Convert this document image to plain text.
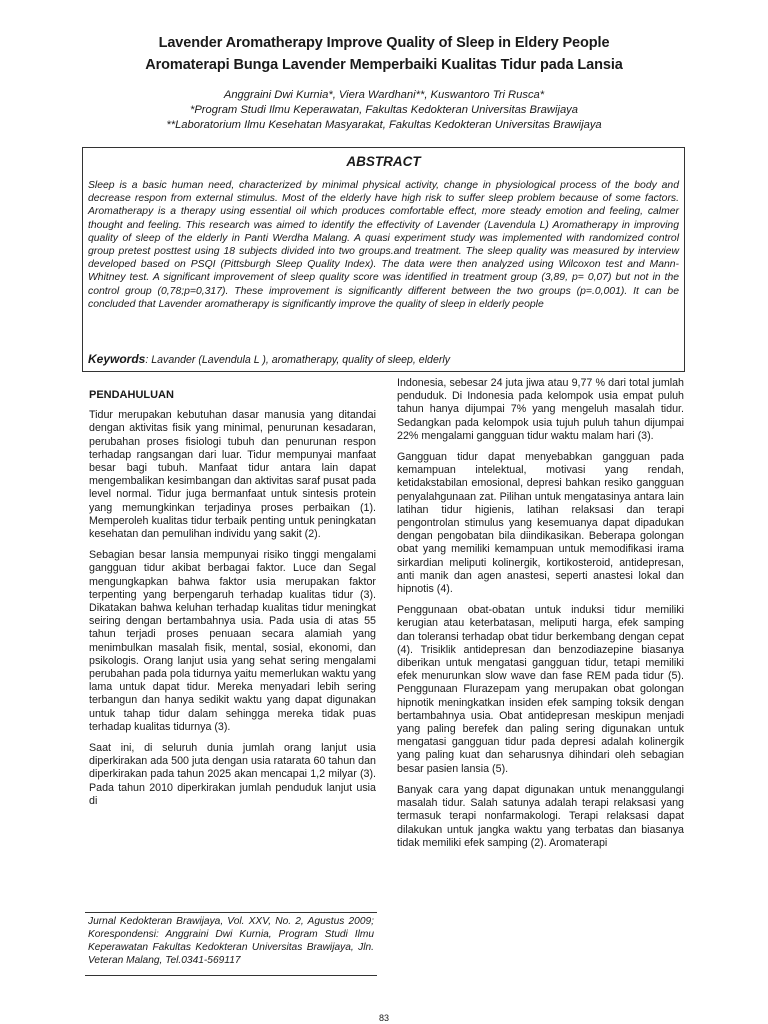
Lavender Aromatherapy Improve Quality of Sleep in Eldery People
Aromaterapi Bunga Lavender Memperbaiki Kualitas Tidur pada Lansia
Anggraini Dwi Kurnia*, Viera Wardhani**, Kuswantoro Tri Rusca*
*Program Studi Ilmu Keperawatan, Fakultas Kedokteran Universitas Brawijaya
**Laboratorium Ilmu Kesehatan Masyarakat, Fakultas Kedokteran Universitas Brawijaya
ABSTRACT

Sleep is a basic human need, characterized by minimal physical activity, change in physiological process of the body and decrease respon from external stimulus. Most of the elderly have high risk to suffer sleep problem because of some factors. Aromatherapy is a therapy using essential oil which produces comfortable effect, more steady emotion and feeling, calmer thought and feeling. This research was aimed to identify the effectivity of Lavender (Lavendula L) Aromatherapy in improving quality of sleep of the elderly in Panti Werdha Malang. A quasi experiment study was implemented with randomized control group pretest posttest using 18 subjects divided into two groups.and treatment. The sleep quality was measured by interview developed based on PSQI (Pittsburgh Sleep Quality Index). The data were then analyzed using Wilcoxon test and Mann-Whitney test. A significant improvement of sleep quality score was identified in treatment group (3,89, p= 0,07) but not in the control group (0,78;p=0,317). These improvement is significantly different between the two groups (p=.0,001). It can be concluded that Lavender aromatherapy is significantly improve the quality of sleep in elderly people

Keywords: Lavander (Lavendula L ), aromatherapy, quality of sleep, elderly
PENDAHULUAN

Tidur merupakan kebutuhan dasar manusia yang ditandai dengan aktivitas fisik yang minimal, penurunan kesadaran, perubahan proses fisiologi tubuh dan penurunan respon terhadap rangsangan dari luar. Tidur mempunyai manfaat besar bagi tubuh. Manfaat tidur antara lain dapat mengembalikan kesimbangan dan aktivitas saraf pusat pada level normal. Tidur juga bermanfaat untuk sintesis protein yang memungkinkan terjadinya proses perbaikan (1). Memperoleh kualitas tidur terbaik penting untuk peningkatan kesehatan dan pemulihan individu yang sakit (2).

Sebagian besar lansia mempunyai risiko tinggi mengalami gangguan tidur akibat berbagai faktor. Luce dan Segal mengungkapkan bahwa faktor usia merupakan faktor terpenting yang berpengaruh terhadap kualitas tidur (3). Dikatakan bahwa keluhan terhadap kualitas tidur meningkat seiring dengan bertambahnya usia. Pada usia di atas 55 tahun terjadi proses penuaan secara alamiah yang menimbulkan masalah fisik, mental, sosial, ekonomi, dan psikologis. Orang lanjut usia yang sehat sering mengalami perubahan pada pola tidurnya yaitu memerlukan waktu yang lama untuk dapat tidur. Mereka menyadari lebih sering terbangun dan hanya sedikit waktu yang dapat digunakan untuk tahap tidur dalam sehingga mereka tidak puas terhadap kualitas tidurnya (3).

Saat ini, di seluruh dunia jumlah orang lanjut usia diperkirakan ada 500 juta dengan usia ratarata 60 tahun dan diperkirakan pada tahun 2025 akan mencapai 1,2 milyar (3). Pada tahun 2010 diperkirakan jumlah penduduk lanjut usia di

Indonesia, sebesar 24 juta jiwa atau 9,77 % dari total jumlah penduduk. Di Indonesia pada kelompok usia empat puluh tahun hanya dijumpai 7% yang mengeluh masalah tidur. Sedangkan pada kelompok usia tujuh puluh tahun dijumpai 22% mengalami gangguan tidur waktu malam hari (3).

Gangguan tidur dapat menyebabkan gangguan pada kemampuan intelektual, motivasi yang rendah, ketidakstabilan emosional, depresi bahkan resiko gangguan penyalahgunaan zat. Pilihan untuk mengatasinya antara lain latihan tidur higienis, latihan relaksasi dan terapi pengontrolan stimulus yang kesemuanya dapat dipadukan dengan pengobatan bila diindikasikan. Beberapa golongan obat yang memiliki kemampuan untuk memodifikasi irama sirkardian meliputi kolinergik, kortikosteroid, antidepresan, anti manik dan agen anastesi, seperti anastesi lokal dan hipnotis (4).

Penggunaan obat-obatan untuk induksi tidur memiliki kerugian atau keterbatasan, meliputi harga, efek samping dan toleransi terhadap obat tidur berkembang dengan cepat (4). Trisiklik antidepresan dan benzodiazepine biasanya diberikan untuk mengatasi gangguan tidur, tetapi memiliki efek menurunkan slow wave dan fase REM pada tidur (5). Penggunaan Flurazepam yang merupakan obat golongan hipnotik meningkatkan insiden efek samping toksik dengan bertambahnya usia. Obat antidepresan meskipun menjadi yang paling berefek dan paling sering digunakan untuk mengatasi gangguan tidur pada depresi adalah kolinergik yang paling kuat dan seharusnya dihindari oleh sebagian besar pasien lansia (5).

Banyak cara yang dapat digunakan untuk menanggulangi masalah tidur. Salah satunya adalah terapi relaksasi yang termasuk terapi nonfarmakologi. Terapi relaksasi dapat dilakukan untuk jangka waktu yang terbatas dan biasanya tidak memiliki efek samping (2). Aromaterapi

Jurnal Kedokteran Brawijaya, Vol. XXV, No. 2, Agustus 2009; Korespondensi: Anggraini Dwi Kurnia, Program Studi Ilmu Keperawatan Fakultas Kedokteran Universitas Brawijaya, Jln. Veteran Malang, Tel.0341-569117
83
